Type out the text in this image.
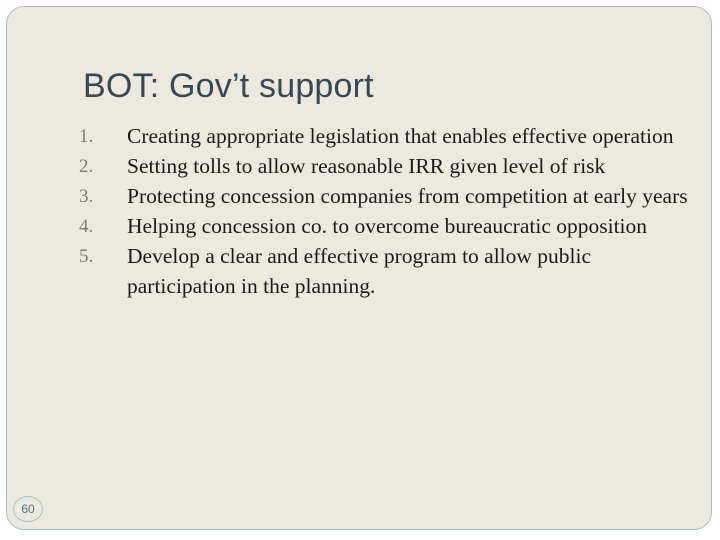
BOT: Gov’t support
1.	Creating appropriate legislation that enables effective operation
2.	Setting tolls to allow reasonable IRR given level of risk
3.	Protecting concession companies from competition at early years
4.	Helping concession co. to overcome bureaucratic opposition
5.	Develop a clear and effective program to allow public participation in the planning.
60
